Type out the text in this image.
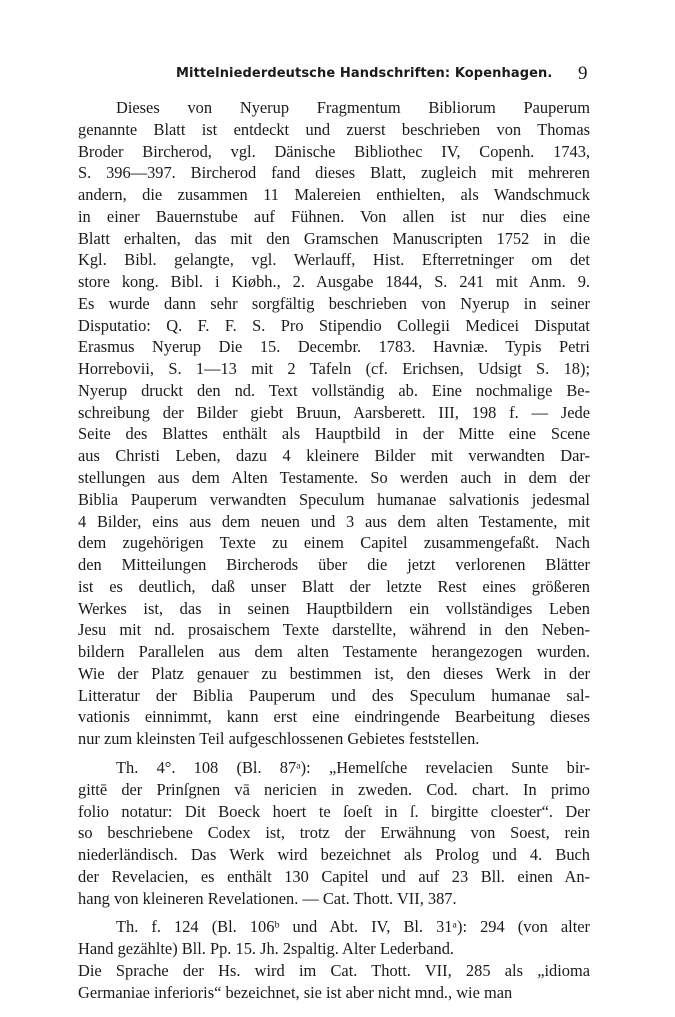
Mittelniederdeutsche Handschriften: Kopenhagen. 9
Dieses von Nyerup Fragmentum Bibliorum Pauperum
genannte Blatt ist entdeckt und zuerst beschrieben von Thomas
Broder Bircherod, vgl. Dänische Bibliothec IV, Copenh. 1743,
S. 396—397. Bircherod fand dieses Blatt, zugleich mit mehreren
andern, die zusammen 11 Malereien enthielten, als Wandschmuck
in einer Bauernstube auf Fühnen. Von allen ist nur dies eine
Blatt erhalten, das mit den Gramschen Manuscripten 1752 in die
Kgl. Bibl. gelangte, vgl. Werlauff, Hist. Efterretninger om det
store kong. Bibl. i Kiøbh., 2. Ausgabe 1844, S. 241 mit Anm. 9.
Es wurde dann sehr sorgfältig beschrieben von Nyerup in seiner
Disputatio: Q. F. F. S. Pro Stipendio Collegii Medicei Disputat
Erasmus Nyerup Die 15. Decembr. 1783. Havniæ. Typis Petri
Horrebovii, S. 1—13 mit 2 Tafeln (cf. Erichsen, Udsigt S. 18);
Nyerup druckt den nd. Text vollständig ab. Eine nochmalige Be-
schreibung der Bilder giebt Bruun, Aarsberett. III, 198 f. — Jede
Seite des Blattes enthält als Hauptbild in der Mitte eine Scene
aus Christi Leben, dazu 4 kleinere Bilder mit verwandten Dar-
stellungen aus dem Alten Testamente. So werden auch in dem der
Biblia Pauperum verwandten Speculum humanae salvationis jedesmal
4 Bilder, eins aus dem neuen und 3 aus dem alten Testamente, mit
dem zugehörigen Texte zu einem Capitel zusammengefaßt. Nach
den Mitteilungen Bircherods über die jetzt verlorenen Blätter
ist es deutlich, daß unser Blatt der letzte Rest eines größeren
Werkes ist, das in seinen Hauptbildern ein vollständiges Leben
Jesu mit nd. prosaischem Texte darstellte, während in den Neben-
bildern Parallelen aus dem alten Testamente herangezogen wurden.
Wie der Platz genauer zu bestimmen ist, den dieses Werk in der
Litteratur der Biblia Pauperum und des Speculum humanae sal-
vationis einnimmt, kann erst eine eindringende Bearbeitung dieses
nur zum kleinsten Teil aufgeschlossenen Gebietes feststellen.
Th. 4°. 108 (Bl. 87ᵃ): „Hemelſche revelacien Sunte bir-
gittē der Prinſgnen vā nericien in zweden. Cod. chart. In primo
folio notatur: Dit Boeck hoert te ſoeſt in ſ. birgitte cloester“. Der
so beschriebene Codex ist, trotz der Erwähnung von Soest, rein
niederländisch. Das Werk wird bezeichnet als Prolog und 4. Buch
der Revelacien, es enthält 130 Capitel und auf 23 Bll. einen An-
hang von kleineren Revelationen. — Cat. Thott. VII, 387.
Th. f. 124 (Bl. 106ᵇ und Abt. IV, Bl. 31ᵃ): 294 (von alter
Hand gezählte) Bll. Pp. 15. Jh. 2spaltig. Alter Lederband.
Die Sprache der Hs. wird im Cat. Thott. VII, 285 als „idioma
Germaniae inferioris“ bezeichnet, sie ist aber nicht mnd., wie man
